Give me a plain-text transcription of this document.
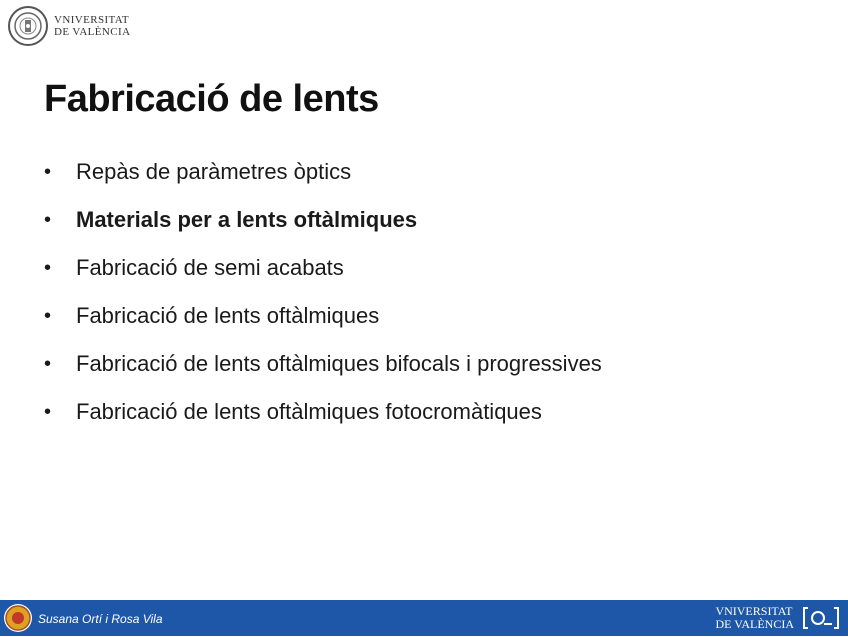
VNIVERSITAT
DE VALÈNCIA
Fabricació de lents
•	Repàs de paràmetres òptics
•	Materials per a lents oftàlmiques
•	Fabricació de semi acabats
•	Fabricació de lents oftàlmiques
•	Fabricació de lents oftàlmiques bifocals i progressives
•	Fabricació de lents oftàlmiques fotocromàtiques
Susana Ortí i Rosa Vila
VNIVERSITAT
DE VALÈNCIA
